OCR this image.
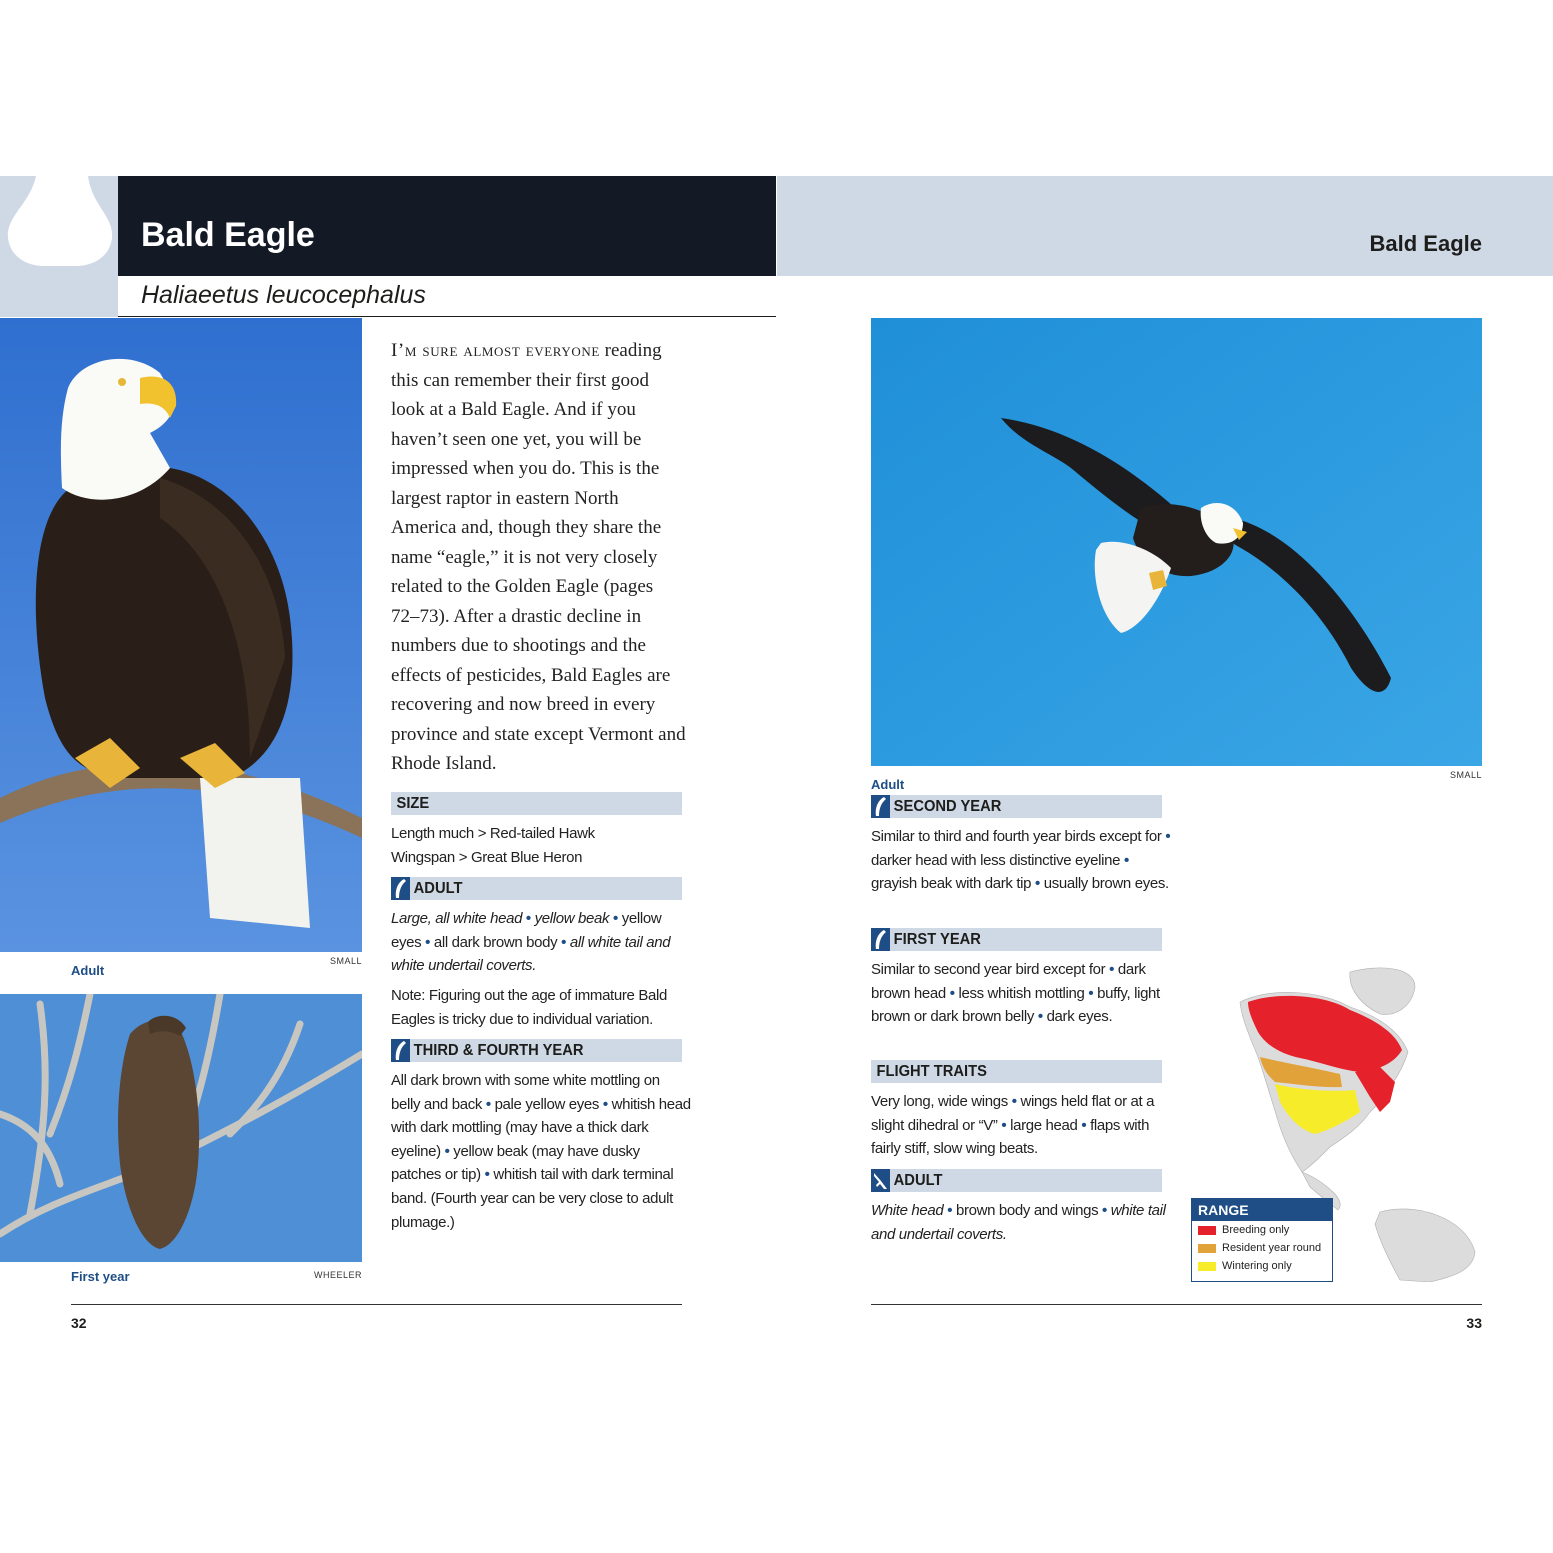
Bald Eagle
Haliaeetus leucocephalus
Bald Eagle
Adult
SMALL
First year	WHEELER
I’m sure almost everyone reading this can remember their first good look at a Bald Eagle. And if you haven’t seen one yet, you will be impressed when you do. This is the largest raptor in eastern North America and, though they share the name “eagle,” it is not very closely related to the Golden Eagle (pages 72–73). After a drastic decline in numbers due to shootings and the effects of pesticides, Bald Eagles are recovering and now breed in every province and state except Vermont and Rhode Island.
SIZE
Length much > Red-tailed Hawk
Wingspan > Great Blue Heron
ADULT
Large, all white head • yellow beak • yellow eyes • all dark brown body • all white tail and white undertail coverts.
Note: Figuring out the age of immature Bald Eagles is tricky due to individual variation.
THIRD & FOURTH YEAR
All dark brown with some white mottling on belly and back • pale yellow eyes • whitish head with dark mottling (may have a thick dark eyeline) • yellow beak (may have dusky patches or tip) • whitish tail with dark terminal band. (Fourth year can be very close to adult plumage.)
Adult
SMALL
SECOND YEAR
Similar to third and fourth year birds except for • darker head with less distinctive eyeline • grayish beak with dark tip • usually brown eyes.
FIRST YEAR
Similar to second year bird except for • dark brown head • less whitish mottling • buffy, light brown or dark brown belly • dark eyes.
FLIGHT TRAITS
Very long, wide wings • wings held flat or at a slight dihedral or “V” • large head • flaps with fairly stiff, slow wing beats.
ADULT
White head • brown body and wings • white tail and undertail coverts.
RANGE
Breeding only
Resident year round
Wintering only
32	33
